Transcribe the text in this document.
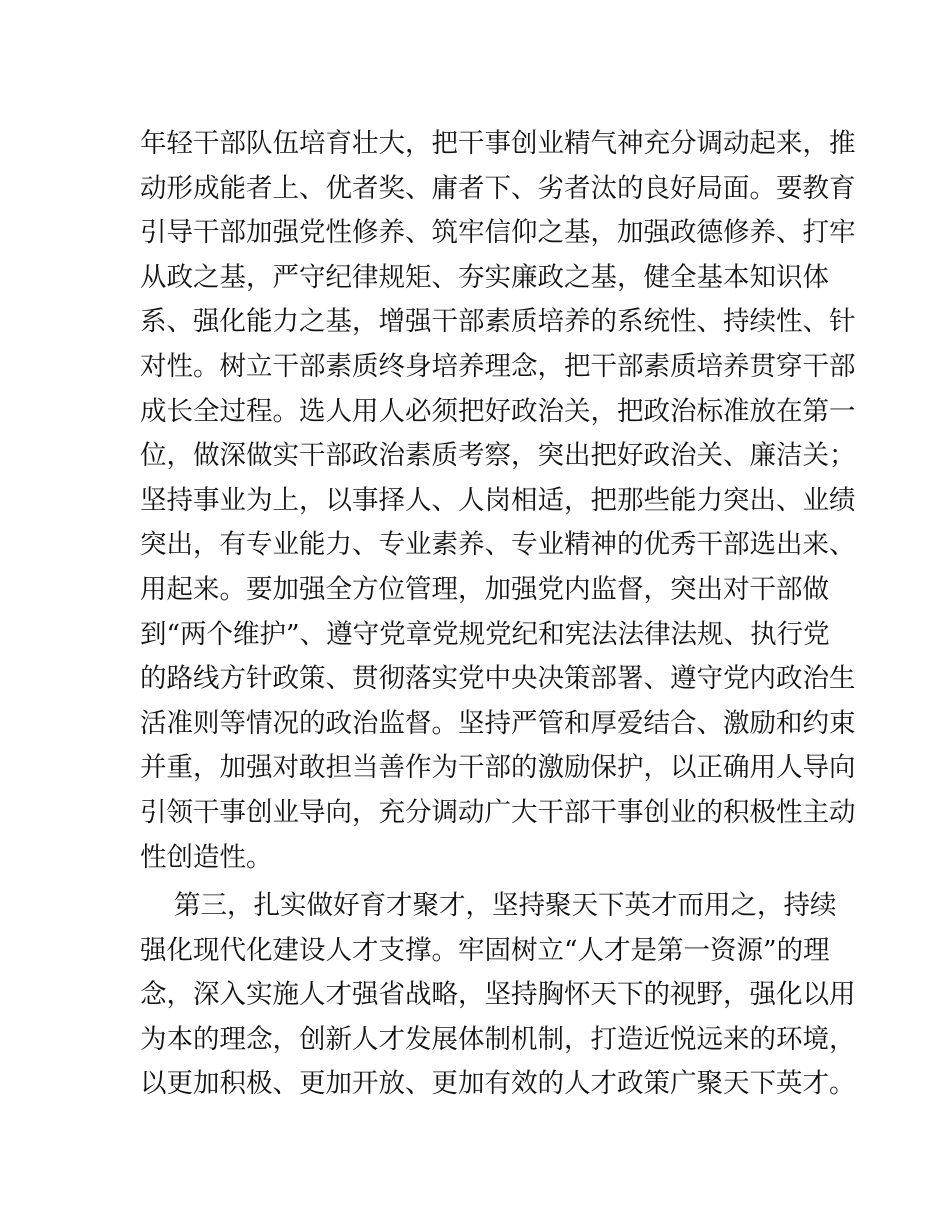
年轻干部队伍培育壮大，把干事创业精气神充分调动起来，推
动形成能者上、优者奖、庸者下、劣者汰的良好局面。要教育
引导干部加强党性修养、筑牢信仰之基，加强政德修养、打牢
从政之基，严守纪律规矩、夯实廉政之基，健全基本知识体
系、强化能力之基，增强干部素质培养的系统性、持续性、针
对性。树立干部素质终身培养理念，把干部素质培养贯穿干部
成长全过程。选人用人必须把好政治关，把政治标准放在第一
位，做深做实干部政治素质考察，突出把好政治关、廉洁关；
坚持事业为上，以事择人、人岗相适，把那些能力突出、业绩
突出，有专业能力、专业素养、专业精神的优秀干部选出来、
用起来。要加强全方位管理，加强党内监督，突出对干部做
到“两个维护”、遵守党章党规党纪和宪法法律法规、执行党
的路线方针政策、贯彻落实党中央决策部署、遵守党内政治生
活准则等情况的政治监督。坚持严管和厚爱结合、激励和约束
并重，加强对敢担当善作为干部的激励保护，以正确用人导向
引领干事创业导向，充分调动广大干部干事创业的积极性主动
性创造性。
第三，扎实做好育才聚才，坚持聚天下英才而用之，持续
强化现代化建设人才支撑。牢固树立“人才是第一资源”的理
念，深入实施人才强省战略，坚持胸怀天下的视野，强化以用
为本的理念，创新人才发展体制机制，打造近悦远来的环境，
以更加积极、更加开放、更加有效的人才政策广聚天下英才。
